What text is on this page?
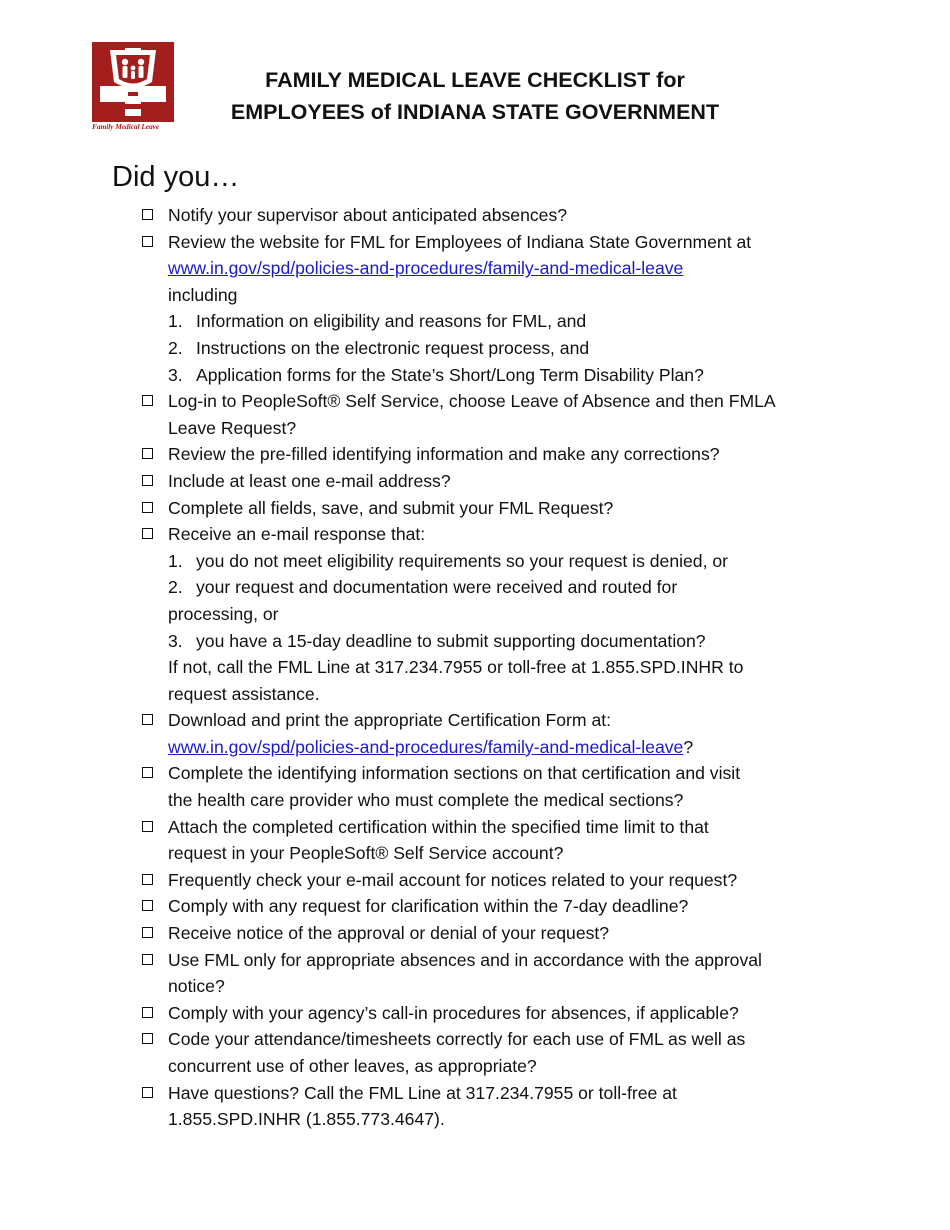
Family Medical Leave
FAMILY MEDICAL LEAVE CHECKLIST for
EMPLOYEES of INDIANA STATE GOVERNMENT
Did you…
Notify your supervisor about anticipated absences?
Review the website for FML for Employees of Indiana State Government at
www.in.gov/spd/policies-and-procedures/family-and-medical-leave
including
1. Information on eligibility and reasons for FML, and
2. Instructions on the electronic request process, and
3. Application forms for the State’s Short/Long Term Disability Plan?
Log-in to PeopleSoft® Self Service, choose Leave of Absence and then FMLA
Leave Request?
Review the pre-filled identifying information and make any corrections?
Include at least one e-mail address?
Complete all fields, save, and submit your FML Request?
Receive an e-mail response that:
1. you do not meet eligibility requirements so your request is denied, or
2. your request and documentation were received and routed for
processing, or
3. you have a 15-day deadline to submit supporting documentation?
If not, call the FML Line at 317.234.7955 or toll-free at 1.855.SPD.INHR to
request assistance.
Download and print the appropriate Certification Form at:
www.in.gov/spd/policies-and-procedures/family-and-medical-leave?
Complete the identifying information sections on that certification and visit
the health care provider who must complete the medical sections?
Attach the completed certification within the specified time limit to that
request in your PeopleSoft® Self Service account?
Frequently check your e-mail account for notices related to your request?
Comply with any request for clarification within the 7-day deadline?
Receive notice of the approval or denial of your request?
Use FML only for appropriate absences and in accordance with the approval
notice?
Comply with your agency’s call-in procedures for absences, if applicable?
Code your attendance/timesheets correctly for each use of FML as well as
concurrent use of other leaves, as appropriate?
Have questions? Call the FML Line at 317.234.7955 or toll-free at
1.855.SPD.INHR (1.855.773.4647).
